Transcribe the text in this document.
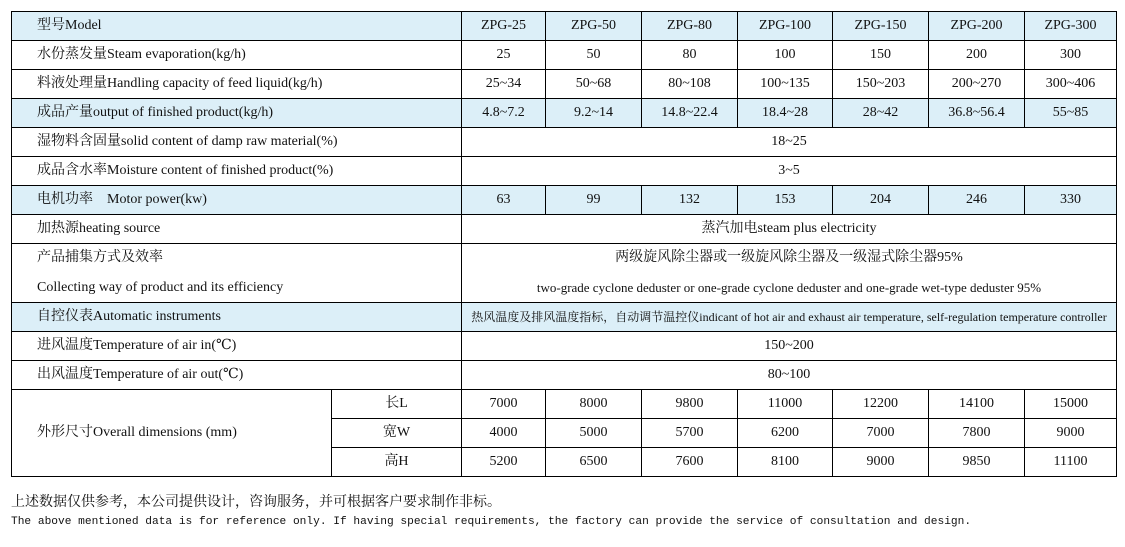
型号Model		ZPG-25	ZPG-50	ZPG-80	ZPG-100	ZPG-150	ZPG-200	ZPG-300
水份蒸发量Steam evaporation(kg/h)		25	50	80	100	150	200	300
料液处理量Handling capacity of feed liquid(kg/h)		25~34	50~68	80~108	100~135	150~203	200~270	300~406
成品产量output of finished product(kg/h)		4.8~7.2	9.2~14	14.8~22.4	18.4~28	28~42	36.8~56.4	55~85
湿物料含固量solid content of damp raw material(%)		18~25						
成品含水率Moisture content of finished product(%)		3~5						
电机功率    Motor power(kw)		63	99	132	153	204	246	330
加热源heating source		蒸汽加电steam plus electricity						

产品捕集方式及效率
Collecting way of product and its efficiency		两级旋风除尘器或一级旋风除尘器及一级湿式除尘器95%
two-grade cyclone deduster or one-grade cyclone deduster and one-grade wet-type deduster 95%						

自控仪表Automatic instruments		热风温度及排风温度指标，自动调节温控仪indicant of hot air and exhaust air temperature, self-regulation temperature controller						
进风温度Temperature of air in(℃)		150~200						
出风温度Temperature of air out(℃)		80~100						
外形尺寸Overall dimensions (mm)	长L	7000	8000	9800	11000	12200	14100	15000
	宽W	4000	5000	5700	6200	7000	7800	9000
	高H	5200	6500	7600	8100	9000	9850	11100
上述数据仅供参考，本公司提供设计，咨询服务，并可根据客户要求制作非标。
The above mentioned data is for reference only. If having special requirements, the factory can provide the service of consultation and design.
